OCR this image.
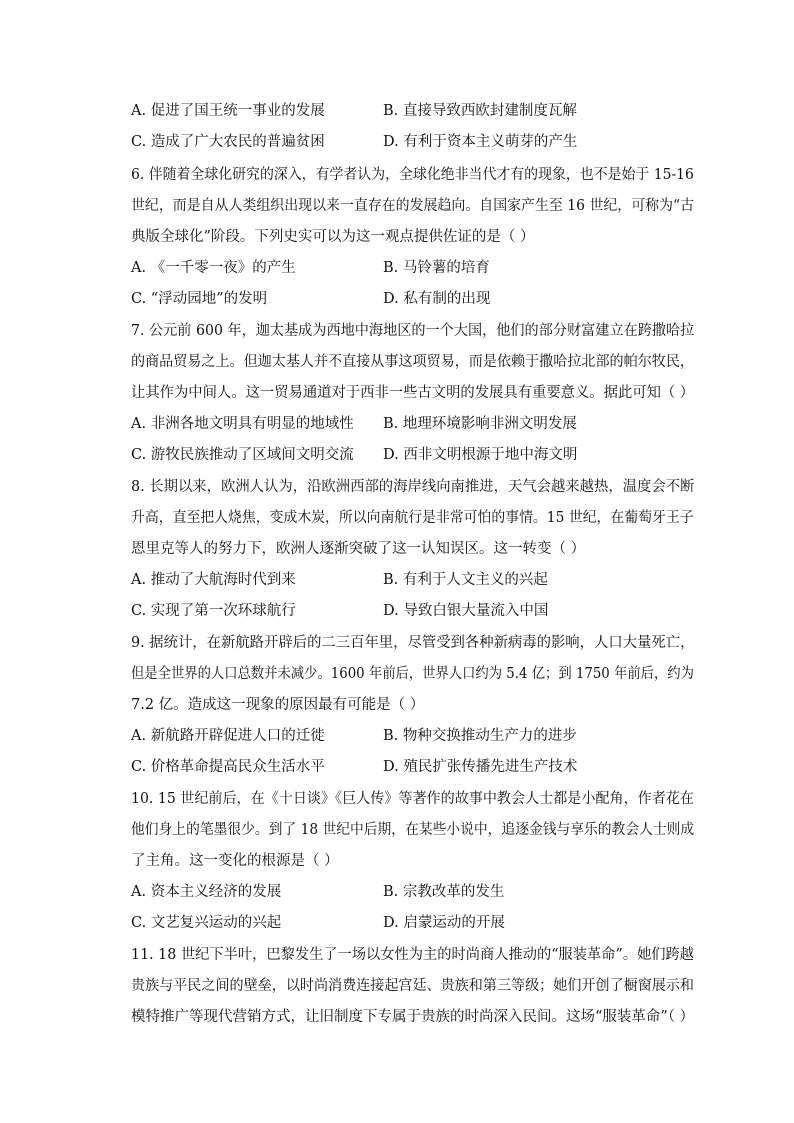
A. 促进了国王统一事业的发展	B. 直接导致西欧封建制度瓦解
C. 造成了广大农民的普遍贫困	D. 有利于资本主义萌芽的产生
6. 伴随着全球化研究的深入，有学者认为，全球化绝非当代才有的现象，也不是始于 15-16
世纪，而是自从人类组织出现以来一直存在的发展趋向。自国家产生至 16 世纪，可称为“古
典版全球化”阶段。下列史实可以为这一观点提供佐证的是（ ）
A. 《一千零一夜》的产生	B. 马铃薯的培育
C. “浮动园地”的发明	D. 私有制的出现
7. 公元前 600 年，迦太基成为西地中海地区的一个大国，他们的部分财富建立在跨撒哈拉
的商品贸易之上。但迦太基人并不直接从事这项贸易，而是依赖于撒哈拉北部的帕尔牧民，
让其作为中间人。这一贸易通道对于西非一些古文明的发展具有重要意义。据此可知（ ）
A. 非洲各地文明具有明显的地域性 B. 地理环境影响非洲文明发展
C. 游牧民族推动了区域间文明交流 D. 西非文明根源于地中海文明
8. 长期以来，欧洲人认为，沿欧洲西部的海岸线向南推进，天气会越来越热，温度会不断
升高，直至把人烧焦，变成木炭，所以向南航行是非常可怕的事情。15 世纪，在葡萄牙王子
恩里克等人的努力下，欧洲人逐渐突破了这一认知误区。这一转变（ ）
A. 推动了大航海时代到来	B. 有利于人文主义的兴起
C. 实现了第一次环球航行	D. 导致白银大量流入中国
9. 据统计，在新航路开辟后的二三百年里，尽管受到各种新病毒的影响，人口大量死亡，
但是全世界的人口总数并未减少。1600 年前后，世界人口约为 5.4 亿；到 1750 年前后，约为
7.2 亿。造成这一现象的原因最有可能是（ ）
A. 新航路开辟促进人口的迁徙	B. 物种交换推动生产力的进步
C. 价格革命提高民众生活水平	D. 殖民扩张传播先进生产技术
10. 15 世纪前后，在《十日谈》《巨人传》等著作的故事中教会人士都是小配角，作者花在
他们身上的笔墨很少。到了 18 世纪中后期，在某些小说中，追逐金钱与享乐的教会人士则成
了主角。这一变化的根源是（ ）
A. 资本主义经济的发展	B. 宗教改革的发生
C. 文艺复兴运动的兴起	D. 启蒙运动的开展
11. 18 世纪下半叶，巴黎发生了一场以女性为主的时尚商人推动的“服装革命”。她们跨越
贵族与平民之间的壁垒，以时尚消费连接起宫廷、贵族和第三等级；她们开创了橱窗展示和
模特推广等现代营销方式，让旧制度下专属于贵族的时尚深入民间。这场“服装革命”（ ）
